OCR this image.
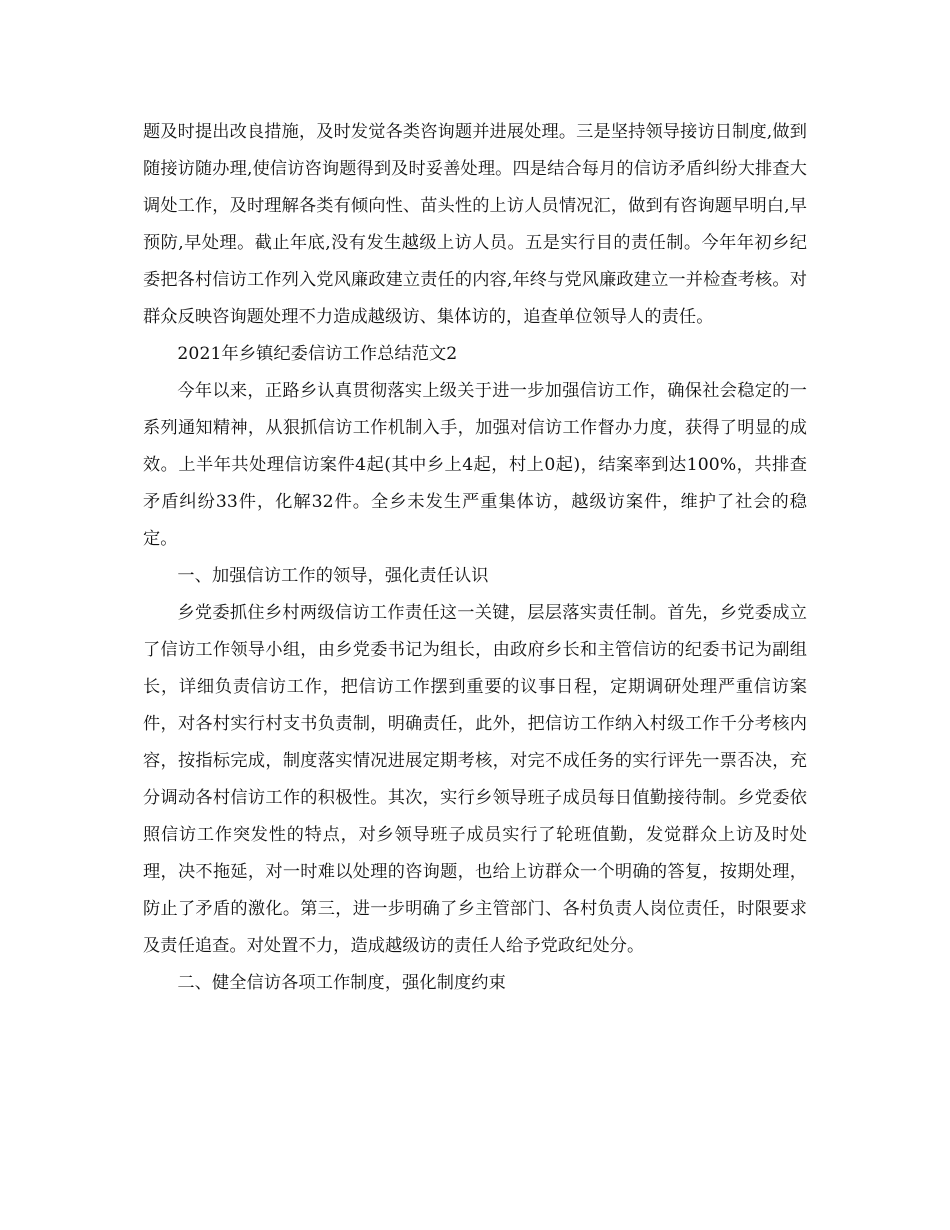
题及时提出改良措施，及时发觉各类咨询题并进展处理。三是坚持领导接访日制度,做到随接访随办理,使信访咨询题得到及时妥善处理。四是结合每月的信访矛盾纠纷大排查大调处工作，及时理解各类有倾向性、苗头性的上访人员情况汇，做到有咨询题早明白,早预防,早处理。截止年底,没有发生越级上访人员。五是实行目的责任制。今年年初乡纪委把各村信访工作列入党风廉政建立责任的内容,年终与党风廉政建立一并检查考核。对群众反映咨询题处理不力造成越级访、集体访的，追查单位领导人的责任。

2021年乡镇纪委信访工作总结范文2

今年以来，正路乡认真贯彻落实上级关于进一步加强信访工作，确保社会稳定的一系列通知精神，从狠抓信访工作机制入手，加强对信访工作督办力度，获得了明显的成效。上半年共处理信访案件4起(其中乡上4起，村上0起)，结案率到达100%，共排查矛盾纠纷33件，化解32件。全乡未发生严重集体访，越级访案件，维护了社会的稳定。

一、加强信访工作的领导，强化责任认识

乡党委抓住乡村两级信访工作责任这一关键，层层落实责任制。首先，乡党委成立了信访工作领导小组，由乡党委书记为组长，由政府乡长和主管信访的纪委书记为副组长，详细负责信访工作，把信访工作摆到重要的议事日程，定期调研处理严重信访案件，对各村实行村支书负责制，明确责任，此外，把信访工作纳入村级工作千分考核内容，按指标完成，制度落实情况进展定期考核，对完不成任务的实行评先一票否决，充分调动各村信访工作的积极性。其次，实行乡领导班子成员每日值勤接待制。乡党委依照信访工作突发性的特点，对乡领导班子成员实行了轮班值勤，发觉群众上访及时处理，决不拖延，对一时难以处理的咨询题，也给上访群众一个明确的答复，按期处理，防止了矛盾的激化。第三，进一步明确了乡主管部门、各村负责人岗位责任，时限要求及责任追查。对处置不力，造成越级访的责任人给予党政纪处分。

二、健全信访各项工作制度，强化制度约束
